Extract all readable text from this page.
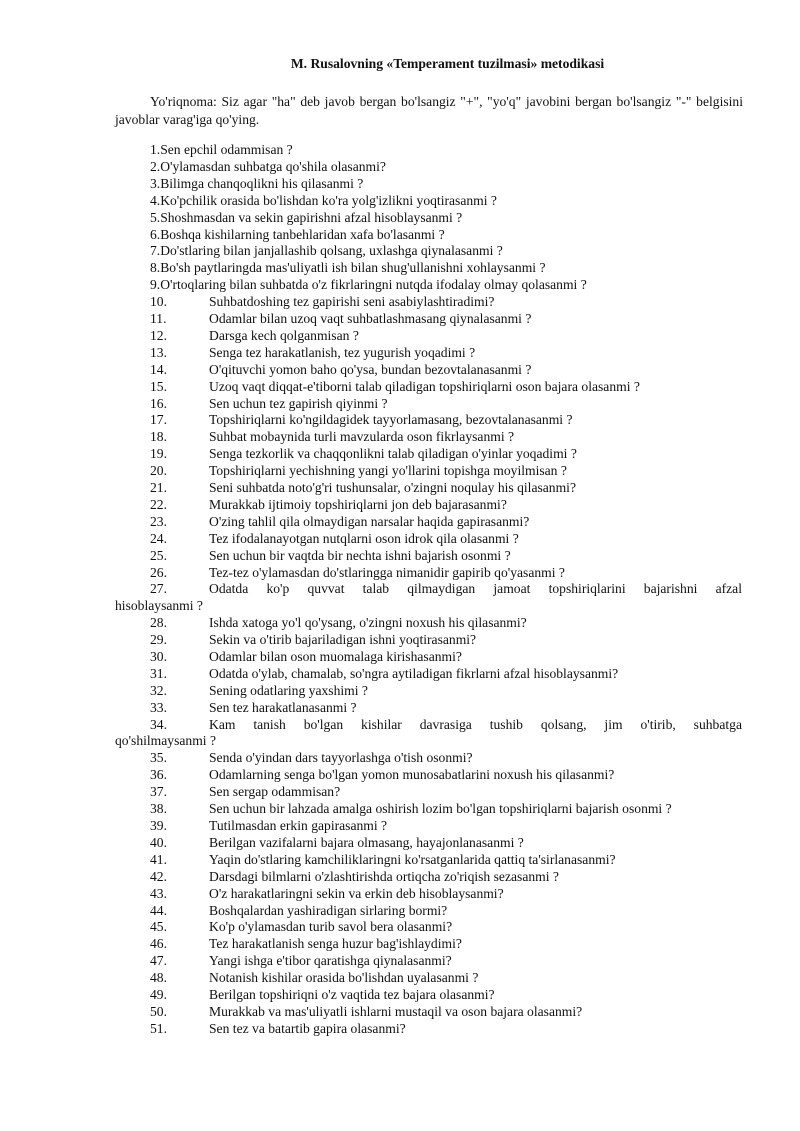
M. Rusalovning «Temperament tuzilmasi» metodikasi
Yo'riqnoma: Siz agar "ha" deb javob bergan bo'lsangiz "+", "yo'q" javobini bergan bo'lsangiz "-" belgisini javoblar varag'iga qo'ying.
1.Sen epchil odammisan ?
2.O'ylamasdan suhbatga qo'shila olasanmi?
3.Bilimga chanqoqlikni his qilasanmi ?
4.Ko'pchilik orasida bo'lishdan ko'ra yolg'izlikni yoqtirasanmi ?
5.Shoshmasdan va sekin gapirishni afzal hisoblaysanmi ?
6.Boshqa kishilarning tanbehlaridan xafa bo'lasanmi ?
7.Do'stlaring bilan janjallashib qolsang, uxlashga qiynalasanmi ?
8.Bo'sh paytlaringda mas'uliyatli ish bilan shug'ullanishni xohlaysanmi ?
9.O'rtoqlaring bilan suhbatda o'z fikrlaringni nutqda ifodalay olmay qolasanmi ?
10.	Suhbatdoshing tez gapirishi seni asabiylashtiradimi?
11.	Odamlar bilan uzoq vaqt suhbatlashmasang qiynalasanmi ?
12.	Darsga kech qolganmisan ?
13.	Senga tez harakatlanish, tez yugurish yoqadimi ?
14.	O'qituvchi yomon baho qo'ysa, bundan bezovtalanasanmi ?
15.	Uzoq vaqt diqqat-e'tiborni talab qiladigan topshiriqlarni oson bajara olasanmi ?
16.	Sen uchun tez gapirish qiyinmi ?
17.	Topshiriqlarni ko'ngildagidek tayyorlamasang, bezovtalanasanmi ?
18.	Suhbat mobaynida turli mavzularda oson fikrlaysanmi ?
19.	Senga tezkorlik va chaqqonlikni talab qiladigan o'yinlar yoqadimi ?
20.	Topshiriqlarni yechishning yangi yo'llarini topishga moyilmisan ?
21.	Seni suhbatda noto'g'ri tushunsalar, o'zingni noqulay his qilasanmi?
22.	Murakkab ijtimoiy topshiriqlarni jon deb bajarasanmi?
23.	O'zing tahlil qila olmaydigan narsalar haqida gapirasanmi?
24.	Tez ifodalanayotgan nutqlarni oson idrok qila olasanmi ?
25.	Sen uchun bir vaqtda bir nechta ishni bajarish osonmi ?
26.	Tez-tez o'ylamasdan do'stlaringga nimanidir gapirib qo'yasanmi ?
27.	Odatda ko'p quvvat talab qilmaydigan jamoat topshiriqlarini bajarishni afzal
hisoblaysanmi ?
28.	Ishda xatoga yo'l qo'ysang, o'zingni noxush his qilasanmi?
29.	Sekin va o'tirib bajariladigan ishni yoqtirasanmi?
30.	Odamlar bilan oson muomalaga kirishasanmi?
31.	Odatda o'ylab, chamalab, so'ngra aytiladigan fikrlarni afzal hisoblaysanmi?
32.	Sening odatlaring yaxshimi ?
33.	Sen tez harakatlanasanmi ?
34.	Kam tanish bo'lgan kishilar davrasiga tushib qolsang, jim o'tirib, suhbatga
qo'shilmaysanmi ?
35.	Senda o'yindan dars tayyorlashga o'tish osonmi?
36.	Odamlarning senga bo'lgan yomon munosabatlarini noxush his qilasanmi?
37.	Sen sergap odammisan?
38.	Sen uchun bir lahzada amalga oshirish lozim bo'lgan topshiriqlarni bajarish osonmi ?
39.	Tutilmasdan erkin gapirasanmi ?
40.	Berilgan vazifalarni bajara olmasang, hayajonlanasanmi ?
41.	Yaqin do'stlaring kamchiliklaringni ko'rsatganlarida qattiq ta'sirlanasanmi?
42.	Darsdagi bilmlarni o'zlashtirishda ortiqcha zo'riqish sezasanmi ?
43.	O'z harakatlaringni sekin va erkin deb hisoblaysanmi?
44.	Boshqalardan yashiradigan sirlaring bormi?
45.	Ko'p o'ylamasdan turib savol bera olasanmi?
46.	Tez harakatlanish senga huzur bag'ishlaydimi?
47.	Yangi ishga e'tibor qaratishga qiynalasanmi?
48.	Notanish kishilar orasida bo'lishdan uyalasanmi ?
49.	Berilgan topshiriqni o'z vaqtida tez bajara olasanmi?
50.	Murakkab va mas'uliyatli ishlarni mustaqil va oson bajara olasanmi?
51.	Sen tez va batartib gapira olasanmi?
